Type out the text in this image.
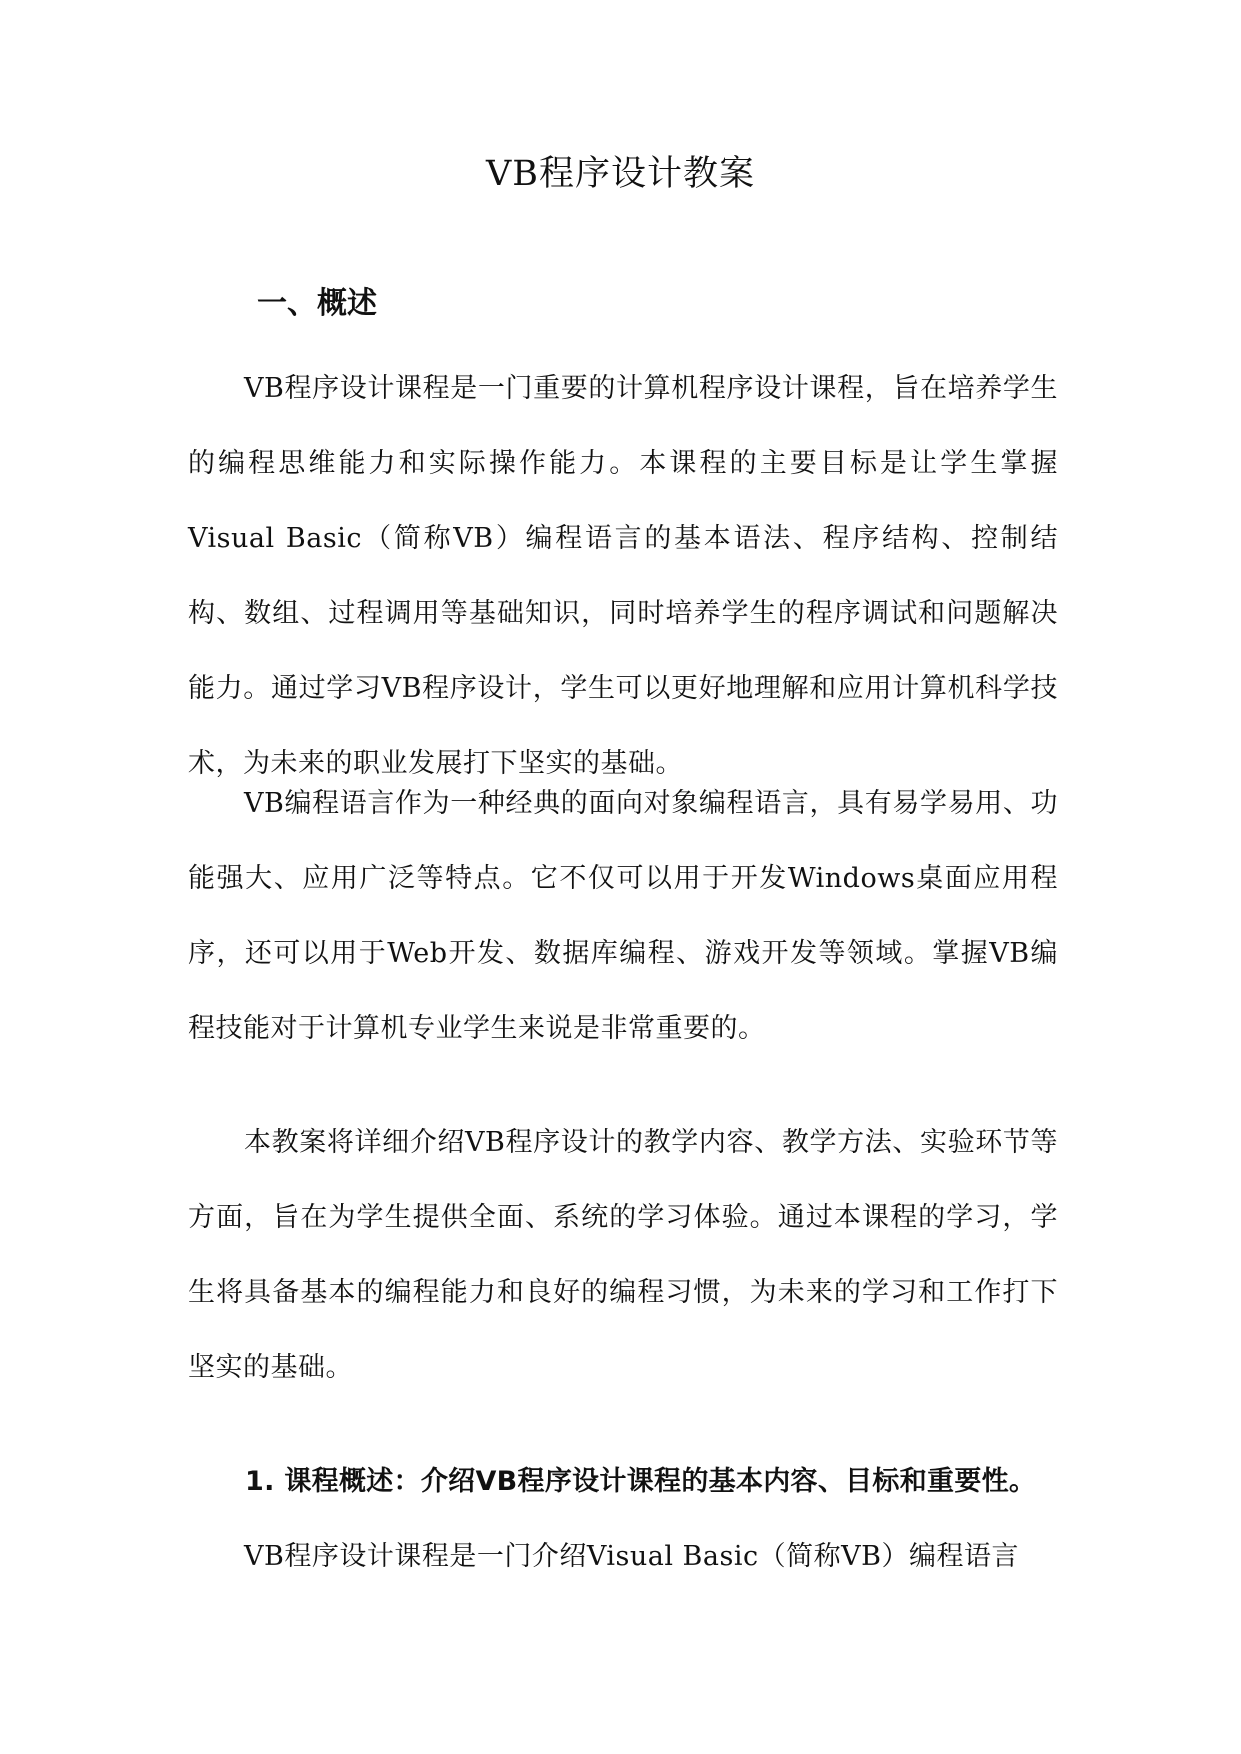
VB程序设计教案
一、概述

VB程序设计课程是一门重要的计算机程序设计课程，旨在培养学生的编程思维能力和实际操作能力。本课程的主要目标是让学生掌握Visual Basic（简称VB）编程语言的基本语法、程序结构、控制结构、数组、过程调用等基础知识，同时培养学生的程序调试和问题解决能力。通过学习VB程序设计，学生可以更好地理解和应用计算机科学技术，为未来的职业发展打下坚实的基础。

VB编程语言作为一种经典的面向对象编程语言，具有易学易用、功能强大、应用广泛等特点。它不仅可以用于开发Windows桌面应用程序，还可以用于Web开发、数据库编程、游戏开发等领域。掌握VB编程技能对于计算机专业学生来说是非常重要的。

本教案将详细介绍VB程序设计的教学内容、教学方法、实验环节等方面，旨在为学生提供全面、系统的学习体验。通过本课程的学习，学生将具备基本的编程能力和良好的编程习惯，为未来的学习和工作打下坚实的基础。

1. 课程概述：介绍VB程序设计课程的基本内容、目标和重要性。

VB程序设计课程是一门介绍Visual Basic（简称VB）编程语言
